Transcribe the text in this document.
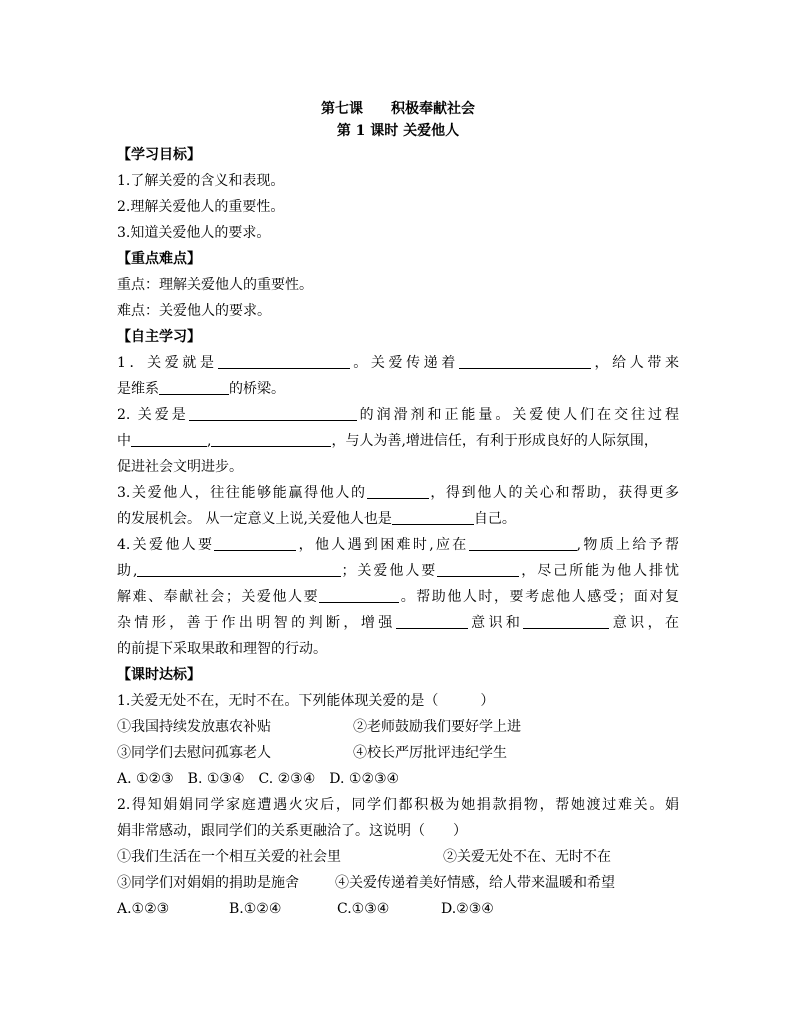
第七课 积极奉献社会
第 1 课时 关爱他人
【学习目标】
1.了解关爱的含义和表现。
2.理解关爱他人的重要性。
3.知道关爱他人的要求。
【重点难点】
重点：理解关爱他人的重要性。
难点：关爱他人的要求。
【自主学习】
1．关爱就是	。关爱传递着	，给人带来
是维系	的桥梁。
2. 关爱是	的润滑剂和正能量。关爱使人们在交往过程
中	,	，与人为善,增进信任，有利于形成良好的人际氛围，
促进社会文明进步。
3.关爱他人，往往能够能赢得他人的	，得到他人的关心和帮助，获得更多
的发展机会。 从一定意义上说,关爱他人也是	自己。
4.关爱他人要	，他人遇到困难时,应在	,物质上给予帮
助,	；关爱他人要	，尽己所能为他人排忧
解难、奉献社会；关爱他人要	。帮助他人时，要考虑他人感受；面对复
杂情形，善于作出明智的判断，增强	意识和	意识，在
的前提下采取果敢和理智的行动。
【课时达标】
1.关爱无处不在，无时不在。下列能体现关爱的是（　　　）
①我国持续发放惠农补贴	②老师鼓励我们要好学上进
③同学们去慰问孤寡老人	④校长严厉批评违纪学生
A. ①②③　B. ①③④　C. ②③④　D. ①②③④
2.得知娟娟同学家庭遭遇火灾后，同学们都积极为她捐款捐物，帮她渡过难关。娟
娟非常感动，跟同学们的关系更融洽了。这说明（　　）
①我们生活在一个相互关爱的社会里	②关爱无处不在、无时不在
③同学们对娟娟的捐助是施舍	④关爱传递着美好情感，给人带来温暖和希望
A.①②③	B.①②④	C.①③④	D.②③④
